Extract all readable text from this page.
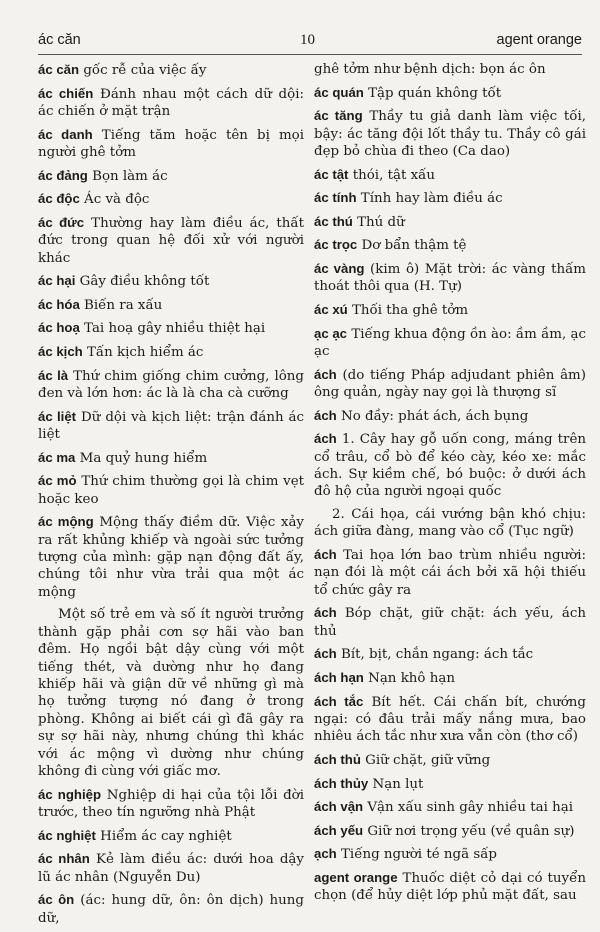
ác căn	10	agent orange

ác căn gốc rễ của việc ấy

ác chiến Đánh nhau một cách dữ dội: ác chiến ở mặt trận

ác danh Tiếng tăm hoặc tên bị mọi người ghê tởm

ác đảng Bọn làm ác

ác độc Ác và độc

ác đức Thường hay làm điều ác, thất đức trong quan hệ đối xử với người khác

ác hại Gây điều không tốt

ác hóa Biến ra xấu

ác hoạ Tai hoạ gây nhiều thiệt hại

ác kịch Tấn kịch hiểm ác

ác là Thứ chim giống chim cưởng, lông đen và lớn hơn: ác là là cha cà cưỡng

ác liệt Dữ dội và kịch liệt: trận đánh ác liệt

ác ma Ma quỷ hung hiểm

ác mỏ Thứ chim thường gọi là chim vẹt hoặc keo

ác mộng Mộng thấy điềm dữ. Việc xảy ra rất khủng khiếp và ngoài sức tưởng tượng của mình: gặp nạn động đất ấy, chúng tôi như vừa trải qua một ác mộng

Một số trẻ em và số ít người trưởng thành gặp phải cơn sợ hãi vào ban đêm. Họ ngồi bật dậy cùng với một tiếng thét, và dường như họ đang khiếp hãi và giận dữ về những gì mà họ tưởng tượng nó đang ở trong phòng. Không ai biết cái gì đã gây ra sự sợ hãi này, nhưng chúng thì khác với ác mộng vì dường như chúng không đi cùng với giấc mơ.

ác nghiệp Nghiệp di hại của tội lỗi đời trước, theo tín ngưỡng nhà Phật

ác nghiệt Hiểm ác cay nghiệt

ác nhân Kẻ làm điều ác: dưới hoa dậy lũ ác nhân (Nguyễn Du)

ác ôn (ác: hung dữ, ôn: ôn dịch) hung dữ,

ghê tởm như bệnh dịch: bọn ác ôn

ác quán Tập quán không tốt

ác tăng Thầy tu giả danh làm việc tối, bậy: ác tăng đội lốt thầy tu. Thầy cô gái đẹp bỏ chùa đi theo (Ca dao)

ác tật thói, tật xấu

ác tính Tính hay làm điều ác

ác thú Thú dữ

ác trọc Dơ bẩn thậm tệ

ác vàng (kim ô) Mặt trời: ác vàng thấm thoát thôi qua (H. Tự)

ác xú Thối tha ghê tởm

ạc ạc Tiếng khua động ồn ào: ầm ầm, ạc ạc

ách (do tiếng Pháp adjudant phiên âm) ông quản, ngày nay gọi là thượng sĩ

ách No đầy: phát ách, ách bụng

ách 1. Cây hay gỗ uốn cong, máng trên cổ trâu, cổ bò để kéo cày, kéo xe: mắc ách. Sự kiềm chế, bó buộc: ở dưới ách đô hộ của người ngoại quốc

2. Cái họa, cái vướng bận khó chịu: ách giữa đàng, mang vào cổ (Tục ngữ)

ách Tai họa lớn bao trùm nhiều người: nạn đói là một cái ách bởi xã hội thiếu tổ chức gây ra

ách Bóp chặt, giữ chặt: ách yếu, ách thủ

ách Bít, bịt, chắn ngang: ách tắc

ách hạn Nạn khô hạn

ách tắc Bít hết. Cái chấn bít, chướng ngại: có đâu trải mấy nắng mưa, bao nhiêu ách tắc như xưa vẫn còn (thơ cổ)

ách thủ Giữ chặt, giữ vững

ách thủy Nạn lụt

ách vận Vận xấu sinh gây nhiều tai hại

ách yếu Giữ nơi trọng yếu (về quân sự)

ạch Tiếng người té ngã sấp

agent orange Thuốc diệt cỏ dại có tuyển chọn (để hủy diệt lớp phủ mặt đất, sau
